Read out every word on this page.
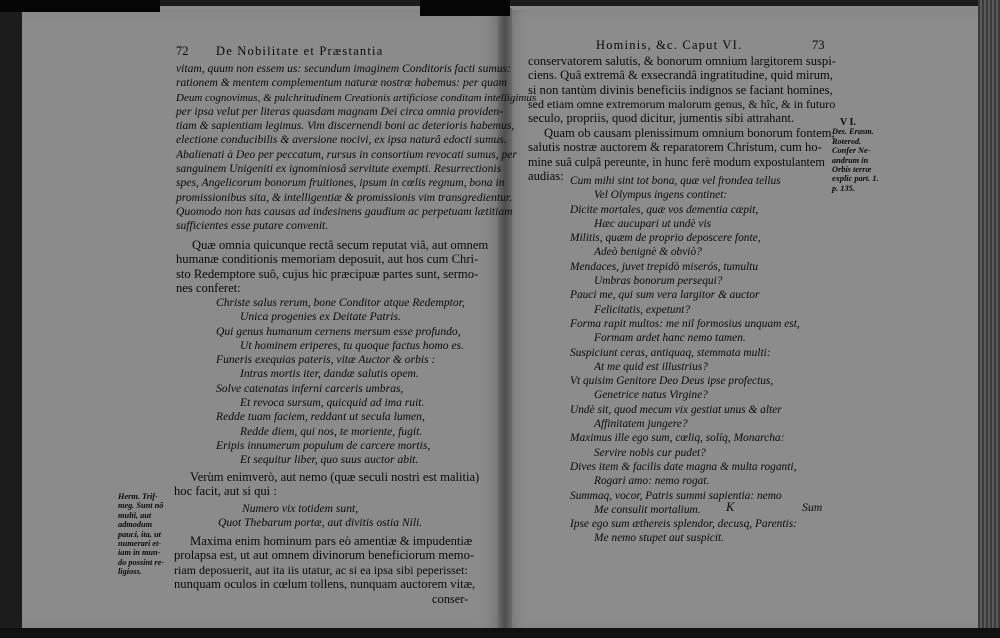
72 De Nobilitate et Præstantia
vitam, quum non essem us: secundum imaginem Conditoris facti sumus:
rationem & mentem complementum naturæ nostræ habemus: per quam
Deum cognovimus, & pulchritudinem Creationis artificiose conditam intelligimus
per ipsa velut per literas quasdam magnam Dei circa omnia providen-
tiam & sapientiam legimus. Vim discernendi boni ac deterioris habemus,
electione conducibilis & aversione nocivi, ex ipsa naturâ edocti sumus.
Abalienati à Deo per peccatum, rursus in consortium revocati sumus, per
sanguinem Unigeniti ex ignominiosâ servitute exempti. Resurrectionis
spes, Angelicorum bonorum fruitiones, ipsum in cœlis regnum, bona in
promissionibus sita, & intelligentiæ & promissionis vim transgredientur.
Quomodo non has causas ad indesinens gaudium ac perpetuam lætitiam
sufficientes esse putare convenit.
Quæ omnia quicunque rectâ secum reputat viâ, aut omnem
humanæ conditionis memoriam deposuit, aut hos cum Chri-
sto Redemptore suô, cujus hic præcipuæ partes sunt, sermo-
nes conferet:
Christe salus rerum, bone Conditor atque Redemptor,
Unica progenies ex Deitate Patris.
Qui genus humanum cernens mersum esse profundo,
Ut hominem eriperes, tu quoque factus homo es.
Funeris exequias pateris, vitæ Auctor & orbis :
Intras mortis iter, dandæ salutis opem.
Solve catenatas inferni carceris umbras,
Et revoca sursum, quicquid ad ima ruit.
Redde tuam faciem, reddant ut secula lumen,
Redde diem, qui nos, te moriente, fugit.
Eripis innumerum populum de carcere mortis,
Et sequitur liber, quo suus auctor abit.
Verùm enimverò, aut nemo (quæ seculi nostri est malitia)
hoc facit, aut si qui :
Numero vix totidem sunt,
Quot Thebarum portæ, aut divitis ostia Nili.
Maxima enim hominum pars eò amentiæ & impudentiæ
prolapsa est, ut aut omnem divinorum beneficiorum memo-
riam deposuerit, aut ita iis utatur, ac si ea ipsa sibi peperisset:
nunquam oculos in cœlum tollens, nunquam auctorem vitæ,
conser-
Herm. Trif-
meg. Sunt nô
multi, aut
admodum
pauci, ita, ut
numerari et-
iam in mun-
do possint re-
ligioss.
Hominis, &c. Caput VI.	73
conservatorem salutis, & bonorum omnium largitorem suspi-
ciens. Quâ extremâ & exsecrandâ ingratitudine, quid mirum,
si non tantùm divinis beneficiis indignos se faciant homines,
sed etiam omne extremorum malorum genus, & hîc, & in futuro
seculo, propriis, quod dicitur, jumentis sibi attrahant.
Quam ob causam plenissimum omnium bonorum fontem,
salutis nostræ auctorem & reparatorem Christum, cum ho-
mine suâ culpâ pereunte, in hunc ferè modum expostulantem
audias: Cum mihi sint tot bona, quæ vel frondea tellus
Vel Olympus ingens continet:
Dicite mortales, quæ vos dementia cæpit,
Hæc aucupari ut undè vis
Militis, quæm de proprio deposcere fonte,
Adeò benignè & obviò?
Mendaces, juvet trepidò miserós, tumultu
Umbras bonorum persequi?
Pauci me, qui sum vera largitor & auctor
Felicitatis, expetunt?
Forma rapit multos: me nil formosius unquam est,
Formam ardet hanc nemo tamen.
Suspiciunt ceras, antiquaq, stemmata multi:
At me quid est illustrius?
Vt quisim Genitore Deo Deus ipse profectus,
Genetrice natus Virgine?
Undè sit, quod mecum vix gestiat unus & alter
Affinitatem jungere?
Maximus ille ego sum, cœliq, solíq, Monarcha:
Servire nobis cur pudet?
Dives item & facilis date magna & multa roganti,
Rogari amo: nemo rogat.
Summaq, vocor, Patris summi sapientia: nemo
Me consulit mortalium.
Ipse ego sum æthereis splendor, decusq, Parentis:
Me nemo stupet aut suspicit.
K	Sum
V I.
Des. Erasm.
Roterod.
Confer Ne-
andrum in
Orbis terræ
explic part. 1.
p. 135.
